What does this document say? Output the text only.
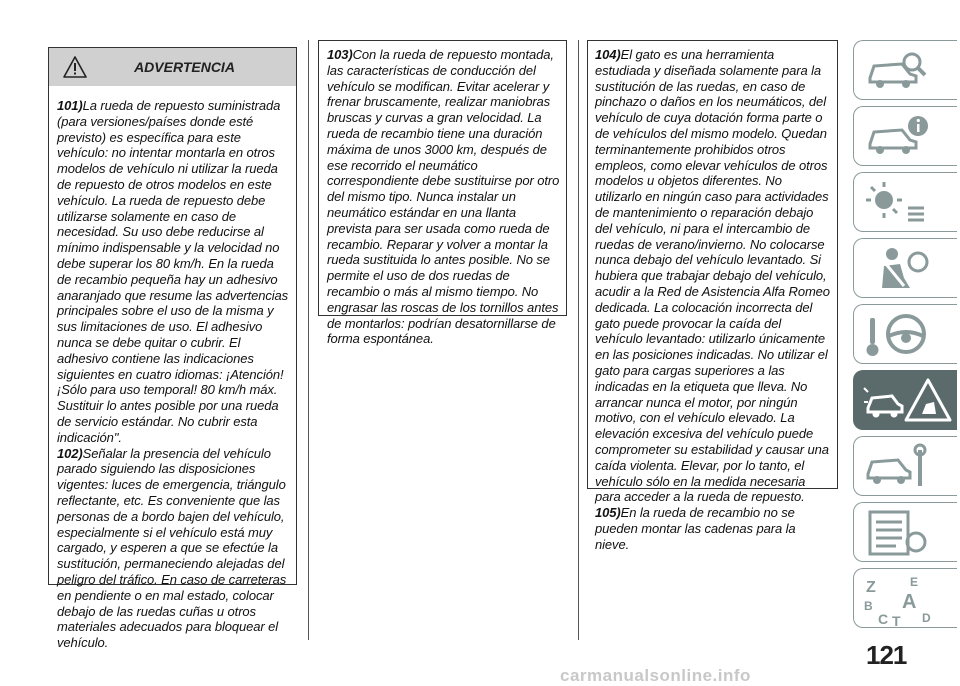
ADVERTENCIA

101)La rueda de repuesto suministrada (para versiones/países donde esté previsto) es específica para este vehículo: no intentar montarla en otros modelos de vehículo ni utilizar la rueda de repuesto de otros modelos en este vehículo. La rueda de repuesto debe utilizarse solamente en caso de necesidad. Su uso debe reducirse al mínimo indispensable y la velocidad no debe superar los 80 km/h. En la rueda de recambio pequeña hay un adhesivo anaranjado que resume las advertencias principales sobre el uso de la misma y sus limitaciones de uso. El adhesivo nunca se debe quitar o cubrir. El adhesivo contiene las indicaciones siguientes en cuatro idiomas: ¡Atención! ¡Sólo para uso temporal! 80 km/h máx. Sustituir lo antes posible por una rueda de servicio estándar. No cubrir esta indicación".

102)Señalar la presencia del vehículo parado siguiendo las disposiciones vigentes: luces de emergencia, triángulo reflectante, etc. Es conveniente que las personas de a bordo bajen del vehículo, especialmente si el vehículo está muy cargado, y esperen a que se efectúe la sustitución, permaneciendo alejadas del peligro del tráfico. En caso de carreteras en pendiente o en mal estado, colocar debajo de las ruedas cuñas u otros materiales adecuados para bloquear el vehículo.

103)Con la rueda de repuesto montada, las características de conducción del vehículo se modifican. Evitar acelerar y frenar bruscamente, realizar maniobras bruscas y curvas a gran velocidad. La rueda de recambio tiene una duración máxima de unos 3000 km, después de ese recorrido el neumático correspondiente debe sustituirse por otro del mismo tipo. Nunca instalar un neumático estándar en una llanta prevista para ser usada como rueda de recambio. Reparar y volver a montar la rueda sustituida lo antes posible. No se permite el uso de dos ruedas de recambio o más al mismo tiempo. No engrasar las roscas de los tornillos antes de montarlos: podrían desatornillarse de forma espontánea.

104)El gato es una herramienta estudiada y diseñada solamente para la sustitución de las ruedas, en caso de pinchazo o daños en los neumáticos, del vehículo de cuya dotación forma parte o de vehículos del mismo modelo. Quedan terminantemente prohibidos otros empleos, como elevar vehículos de otros modelos u objetos diferentes. No utilizarlo en ningún caso para actividades de mantenimiento o reparación debajo del vehículo, ni para el intercambio de ruedas de verano/invierno. No colocarse nunca debajo del vehículo levantado. Si hubiera que trabajar debajo del vehículo, acudir a la Red de Asistencia Alfa Romeo dedicada. La colocación incorrecta del gato puede provocar la caída del vehículo levantado: utilizarlo únicamente en las posiciones indicadas. No utilizar el gato para cargas superiores a las indicadas en la etiqueta que lleva. No arrancar nunca el motor, por ningún motivo, con el vehículo elevado. La elevación excesiva del vehículo puede comprometer su estabilidad y causar una caída violenta. Elevar, por lo tanto, el vehículo sólo en la medida necesaria para acceder a la rueda de repuesto.

105)En la rueda de recambio no se pueden montar las cadenas para la nieve.

Z	E
B A
C T D
121
carmanualsonline.info
